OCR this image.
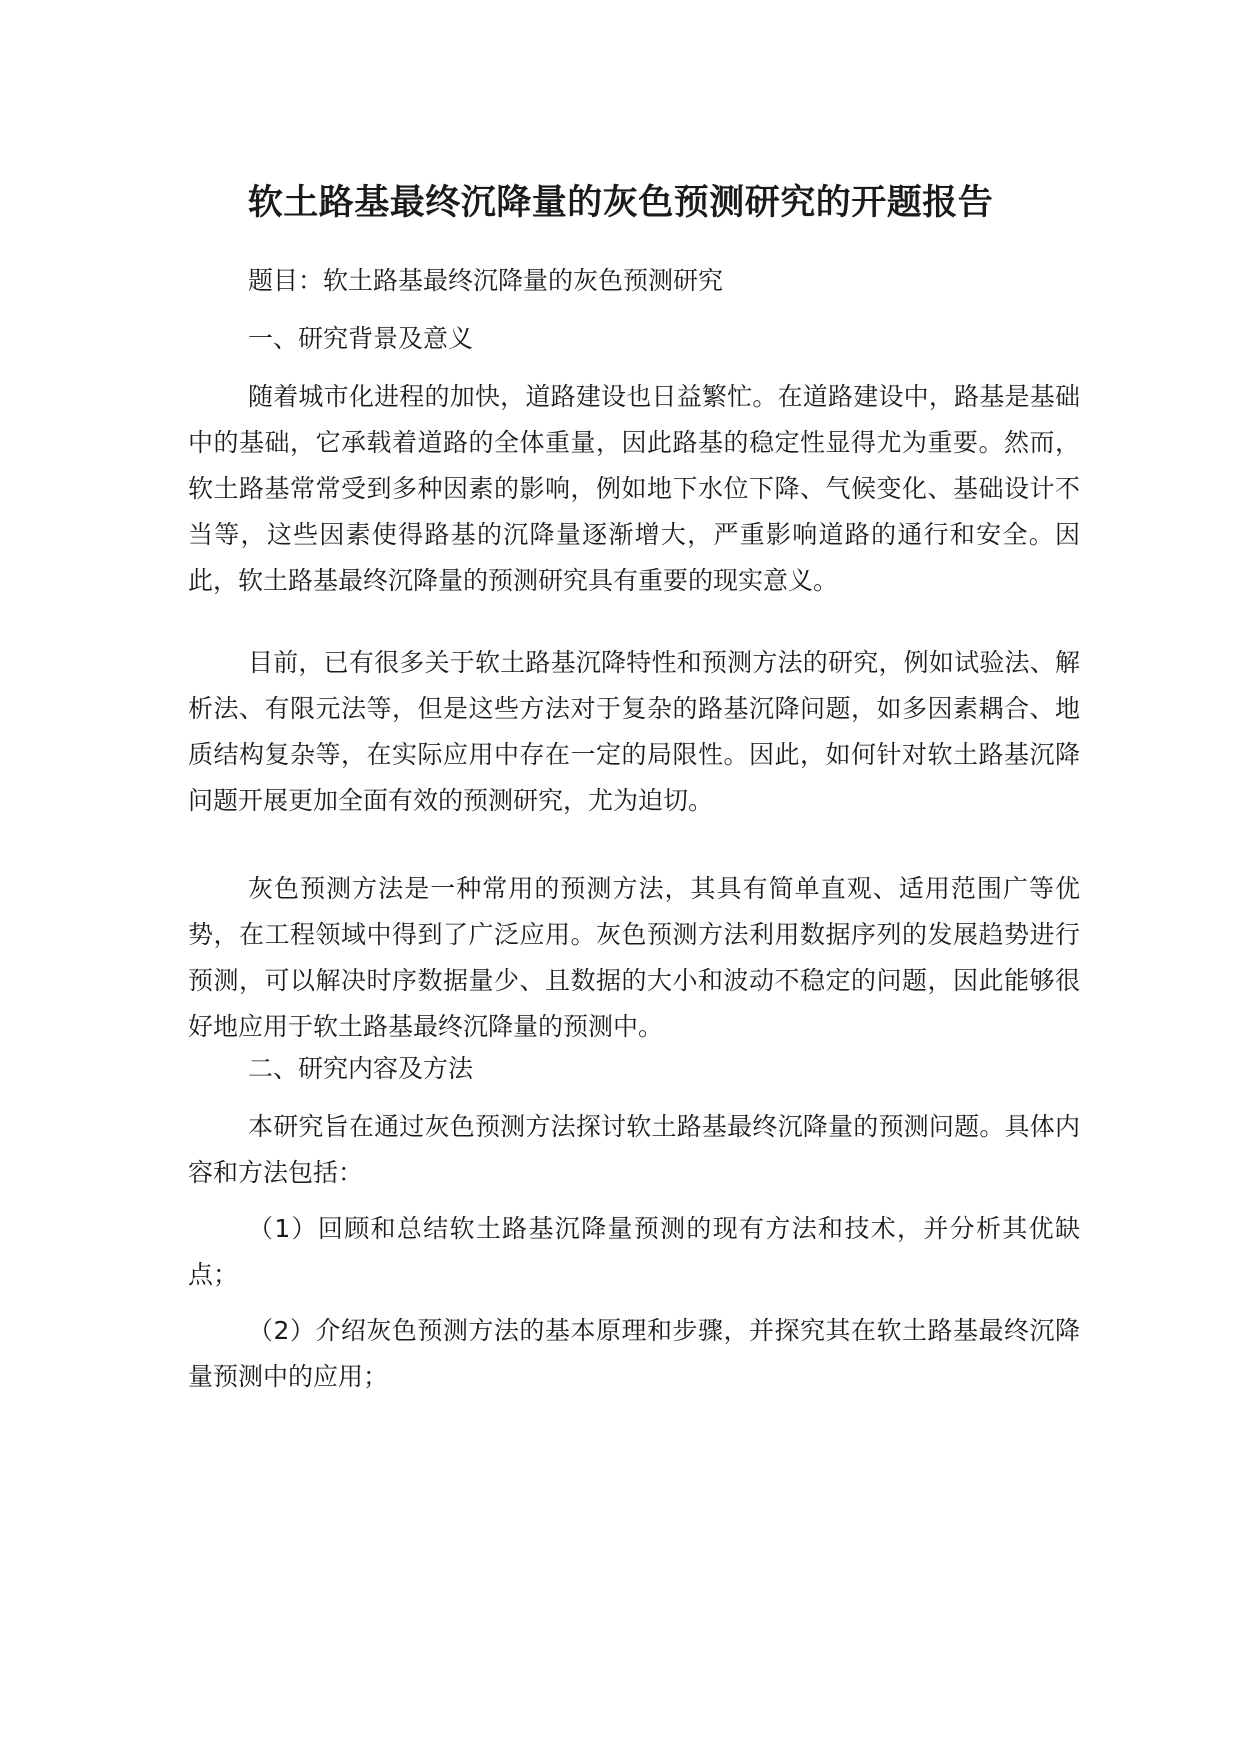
软土路基最终沉降量的灰色预测研究的开题报告

题目：软土路基最终沉降量的灰色预测研究

一、研究背景及意义

随着城市化进程的加快，道路建设也日益繁忙。在道路建设中，路基是基础中的基础，它承载着道路的全体重量，因此路基的稳定性显得尤为重要。然而，软土路基常常受到多种因素的影响，例如地下水位下降、气候变化、基础设计不当等，这些因素使得路基的沉降量逐渐增大，严重影响道路的通行和安全。因此，软土路基最终沉降量的预测研究具有重要的现实意义。

目前，已有很多关于软土路基沉降特性和预测方法的研究，例如试验法、解析法、有限元法等，但是这些方法对于复杂的路基沉降问题，如多因素耦合、地质结构复杂等，在实际应用中存在一定的局限性。因此，如何针对软土路基沉降问题开展更加全面有效的预测研究，尤为迫切。

灰色预测方法是一种常用的预测方法，其具有简单直观、适用范围广等优势，在工程领域中得到了广泛应用。灰色预测方法利用数据序列的发展趋势进行预测，可以解决时序数据量少、且数据的大小和波动不稳定的问题，因此能够很好地应用于软土路基最终沉降量的预测中。

二、研究内容及方法

本研究旨在通过灰色预测方法探讨软土路基最终沉降量的预测问题。具体内容和方法包括：

（1）回顾和总结软土路基沉降量预测的现有方法和技术，并分析其优缺点；

（2）介绍灰色预测方法的基本原理和步骤，并探究其在软土路基最终沉降量预测中的应用；
